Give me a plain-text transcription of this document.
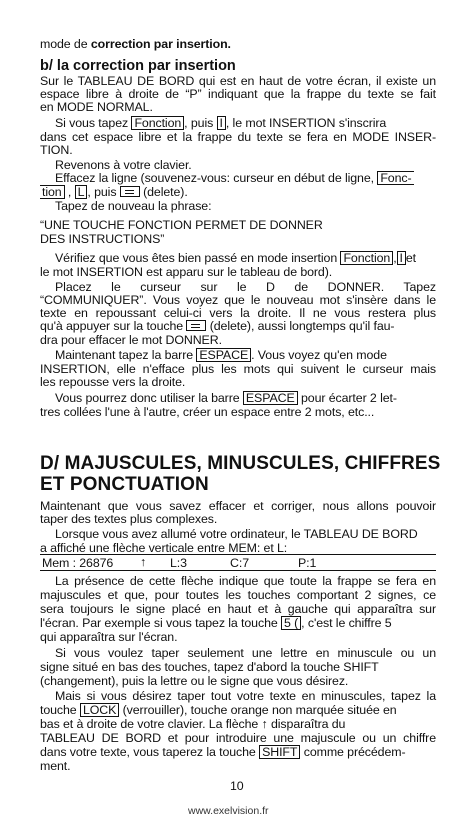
mode de correction par insertion.
b/ la correction par insertion
Sur le TABLEAU DE BORD qui est en haut de votre écran, il existe un
espace libre à droite de “P” indiquant que la frappe du texte se fait
en MODE NORMAL.
Si vous tapez Fonction , puis I , le mot INSERTION s'inscrira
dans cet espace libre et la frappe du texte se fera en MODE INSER-
TION.
Revenons à votre clavier.
Effacez la ligne (souvenez-vous: curseur en début de ligne, Fonc-
tion , L , puis (delete).
Tapez de nouveau la phrase:
“UNE TOUCHE FONCTION PERMET DE DONNER
DES INSTRUCTIONS”
Vérifiez que vous êtes bien passé en mode insertion Fonction , I et
le mot INSERTION est apparu sur le tableau de bord).
Placez le curseur sur le D de DONNER. Tapez
“COMMUNIQUER”. Vous voyez que le nouveau mot s'insère dans le
texte en repoussant celui-ci vers la droite. Il ne vous restera plus
qu'à appuyer sur la touche (delete), aussi longtemps qu'il fau-
dra pour effacer le mot DONNER.
Maintenant tapez la barre ESPACE . Vous voyez qu'en mode
INSERTION, elle n'efface plus les mots qui suivent le curseur mais
les repousse vers la droite.
Vous pourrez donc utiliser la barre ESPACE pour écarter 2 let-
tres collées l'une à l'autre, créer un espace entre 2 mots, etc...
D/ MAJUSCULES, MINUSCULES, CHIFFRES
ET PONCTUATION
Maintenant que vous savez effacer et corriger, nous allons pouvoir
taper des textes plus complexes.
Lorsque vous avez allumé votre ordinateur, le TABLEAU DE BORD
a affiché une flèche verticale entre MEM: et L:
Mem : 26876 ↑ L:3	C:7	P:1
La présence de cette flèche indique que toute la frappe se fera en
majuscules et que, pour toutes les touches comportant 2 signes, ce
sera toujours le signe placé en haut et à gauche qui apparaîtra sur
l'écran. Par exemple si vous tapez la touche 5 ( , c'est le chiffre 5
qui apparaîtra sur l'écran.
Si vous voulez taper seulement une lettre en minuscule ou un
signe situé en bas des touches, tapez d'abord la touche SHIFT
(changement), puis la lettre ou le signe que vous désirez.
Mais si vous désirez taper tout votre texte en minuscules, tapez la
touche LOCK (verrouiller), touche orange non marquée située en
bas et à droite de votre clavier. La flèche ↑ disparaîtra du
TABLEAU DE BORD et pour introduire une majuscule ou un chiffre
dans votre texte, vous taperez la touche SHIFT comme précédem-
ment.
10
www.exelvision.fr
